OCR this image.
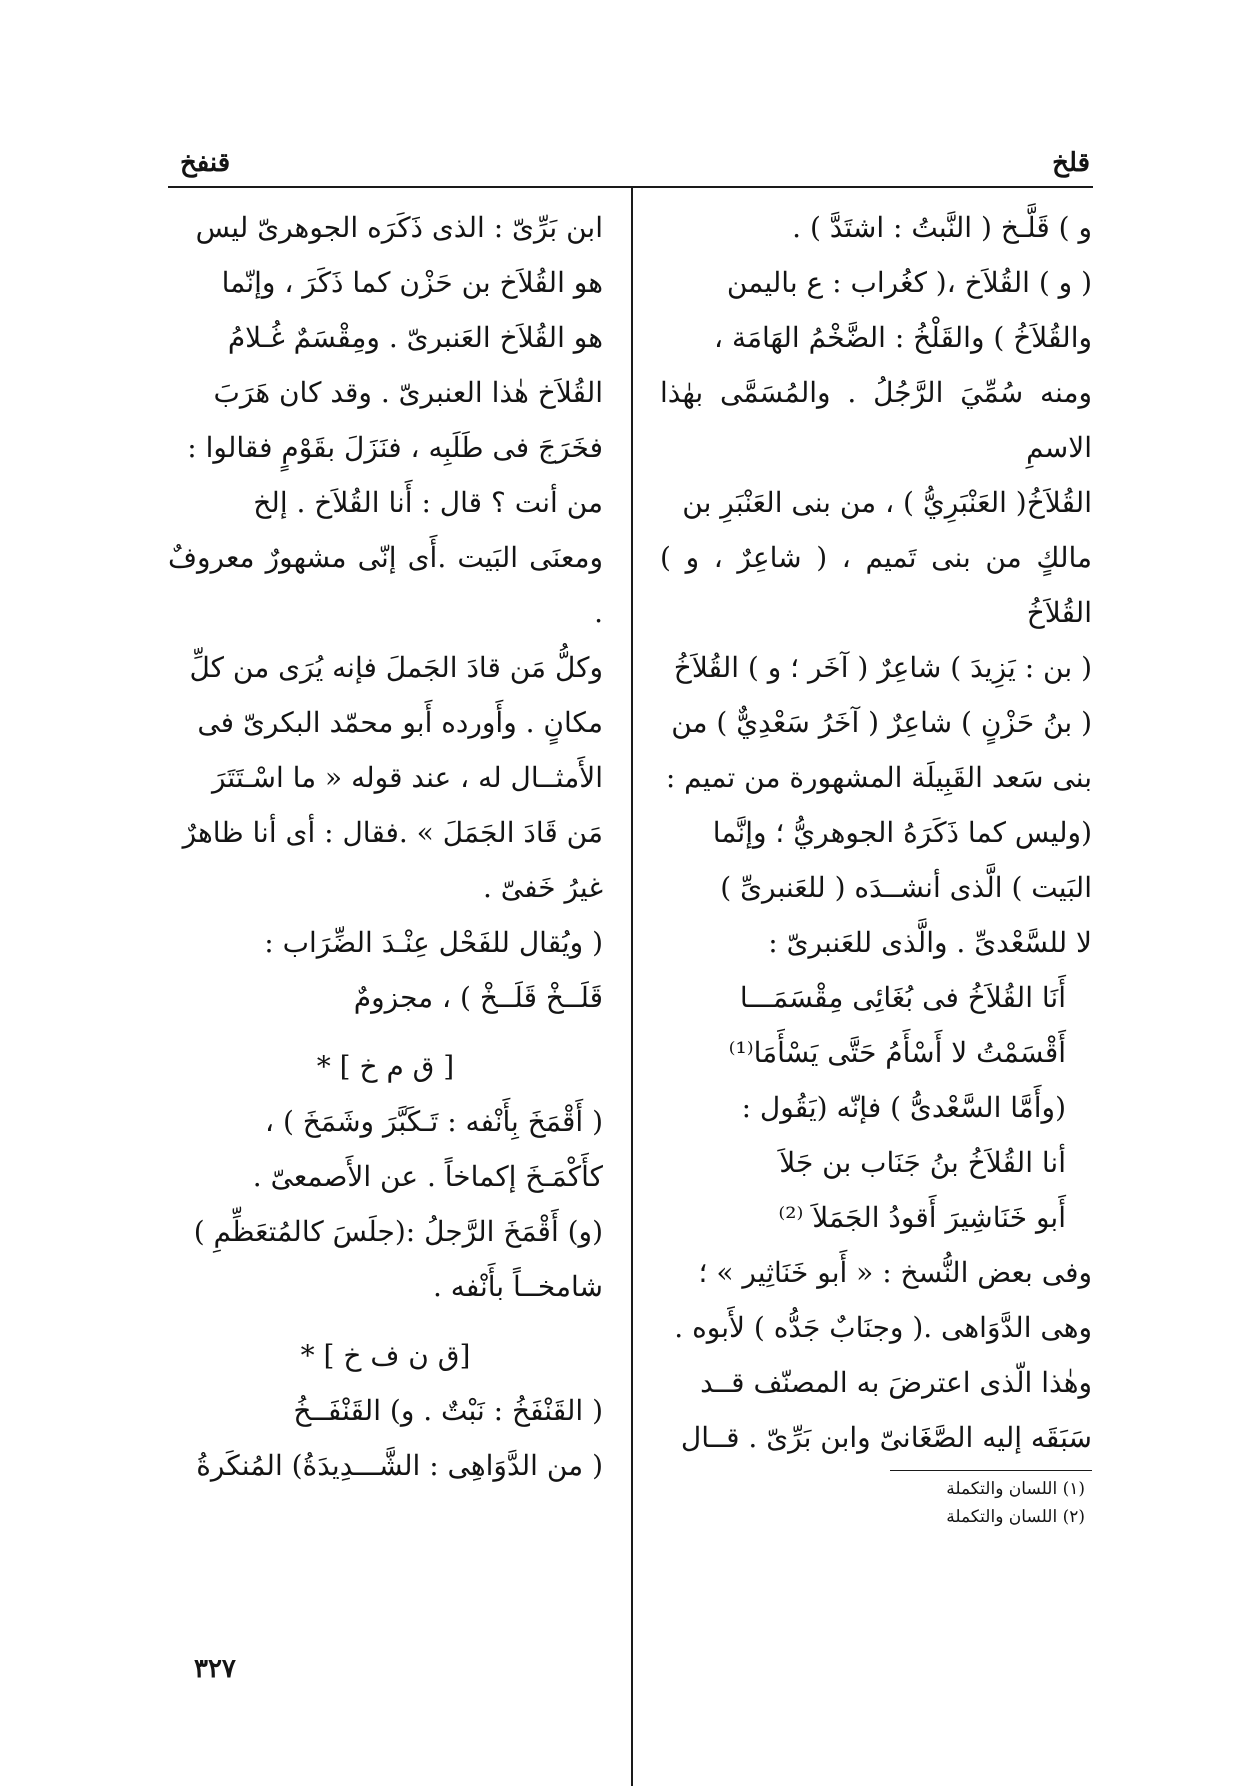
قلخ
قنفخ

و ) قَلَّـخ ( النَّبتُ : اشتَدَّ ) .

( و ) القُلاَخ ،( كغُراب : ع باليمن

والقُلاَخُ ) والقَلْخُ : الضَّخْمُ الهَامَة ،

ومنه سُمِّيَ الرَّجُلُ . والمُسَمَّى بهٰذا الاسمِ

القُلاَخُ( العَنْبَرِيُّ ) ، من بنى العَنْبَرِ بن

مالكٍ من بنى تَميم ، ( شاعِرٌ ، و ) القُلاَخُ

( بن : يَزِيدَ ) شاعِرٌ ( آخَر ؛ و ) القُلاَخُ

( بنُ حَزْنٍ ) شاعِرٌ ( آخَرُ سَعْدِيٌّ ) من

بنى سَعد القَبِيلَة المشهورة من تميم :

(وليس كما ذَكَرَهُ الجوهريُّ ؛ وإنَّما

البَيت ) الَّذى أنشــدَه ( للعَنبرىِّ )

لا للسَّعْدىِّ . والَّذى للعَنبرىّ :

أَنَا القُلاَخُ فى بُغَائِى مِقْسَمَـــا

أَقْسَمْتُ لا أَسْأَمُ حَتَّى يَسْأَمَا⁽¹⁾

(وأَمَّا السَّعْدىُّ ) فإنّه (يَقُول :

أنا القُلاَخُ بنُ جَنَاب بن جَلاَ

أَبو خَنَاشِيرَ أَقودُ الجَمَلاَ ⁽²⁾

وفى بعض النُّسخ : « أَبو خَنَاثِير » ؛

وهى الدَّوَاهى .( وجنَابٌ جَدُّه ) لأَبوه .

وهٰذا الّذى اعترضَ به المصنّف قــد

سَبَقَه إليه الصَّغَانىّ وابن بَرِّىّ . قــال

(١) اللسان والتكملة
(٢) اللسان والتكملة

ابن بَرِّىّ : الذى ذَكَرَه الجوهرىّ ليس

هو القُلاَخ بن حَزْن كما ذَكَرَ ، وإنّما

هو القُلاَخ العَنبرىّ . ومِقْسَمٌ غُـلامُ

القُلاَخ هٰذا العنبرىّ . وقد كان هَرَبَ

فخَرَجَ فى طَلَبِه ، فنَزَلَ بقَوْمٍ فقالوا :

من أنت ؟ قال : أَنا القُلاَخ . إلخ

ومعنَى البَيت .أَى إنّى مشهورٌ معروفٌ .

وكلُّ مَن قادَ الجَملَ فإنه يُرَى من كلِّ

مكانٍ . وأَورده أَبو محمّد البكرىّ فى

الأَمثــال له ، عند قوله « ما اسْـتَتَرَ

مَن قَادَ الجَمَلَ » .فقال : أى أنا ظاهرٌ

غيرُ خَفىّ .

( ويُقال للفَحْل عِنْـدَ الضِّرَاب :

قَلَــخْ قَلَــخْ ) ، مجزومٌ

[ ق م خ ] *

( أَقْمَخَ بِأَنْفه : تَـكَبَّرَ وشَمَخَ ) ،

كأَكْمَـخَ إكماخاً . عن الأَصمعىّ .

(و) أَقْمَخَ الرَّجلُ :(جلَسَ كالمُتعَظِّمِ )

شامخــاً بأَنْفه .

[ق ن ف خ ] *

( القَنْفَخُ : نَبْتٌ . و) القَنْفَــخُ

( من الدَّوَاهِى : الشَّـــدِيدَةُ) المُنكَرةُ

٣٢٧
